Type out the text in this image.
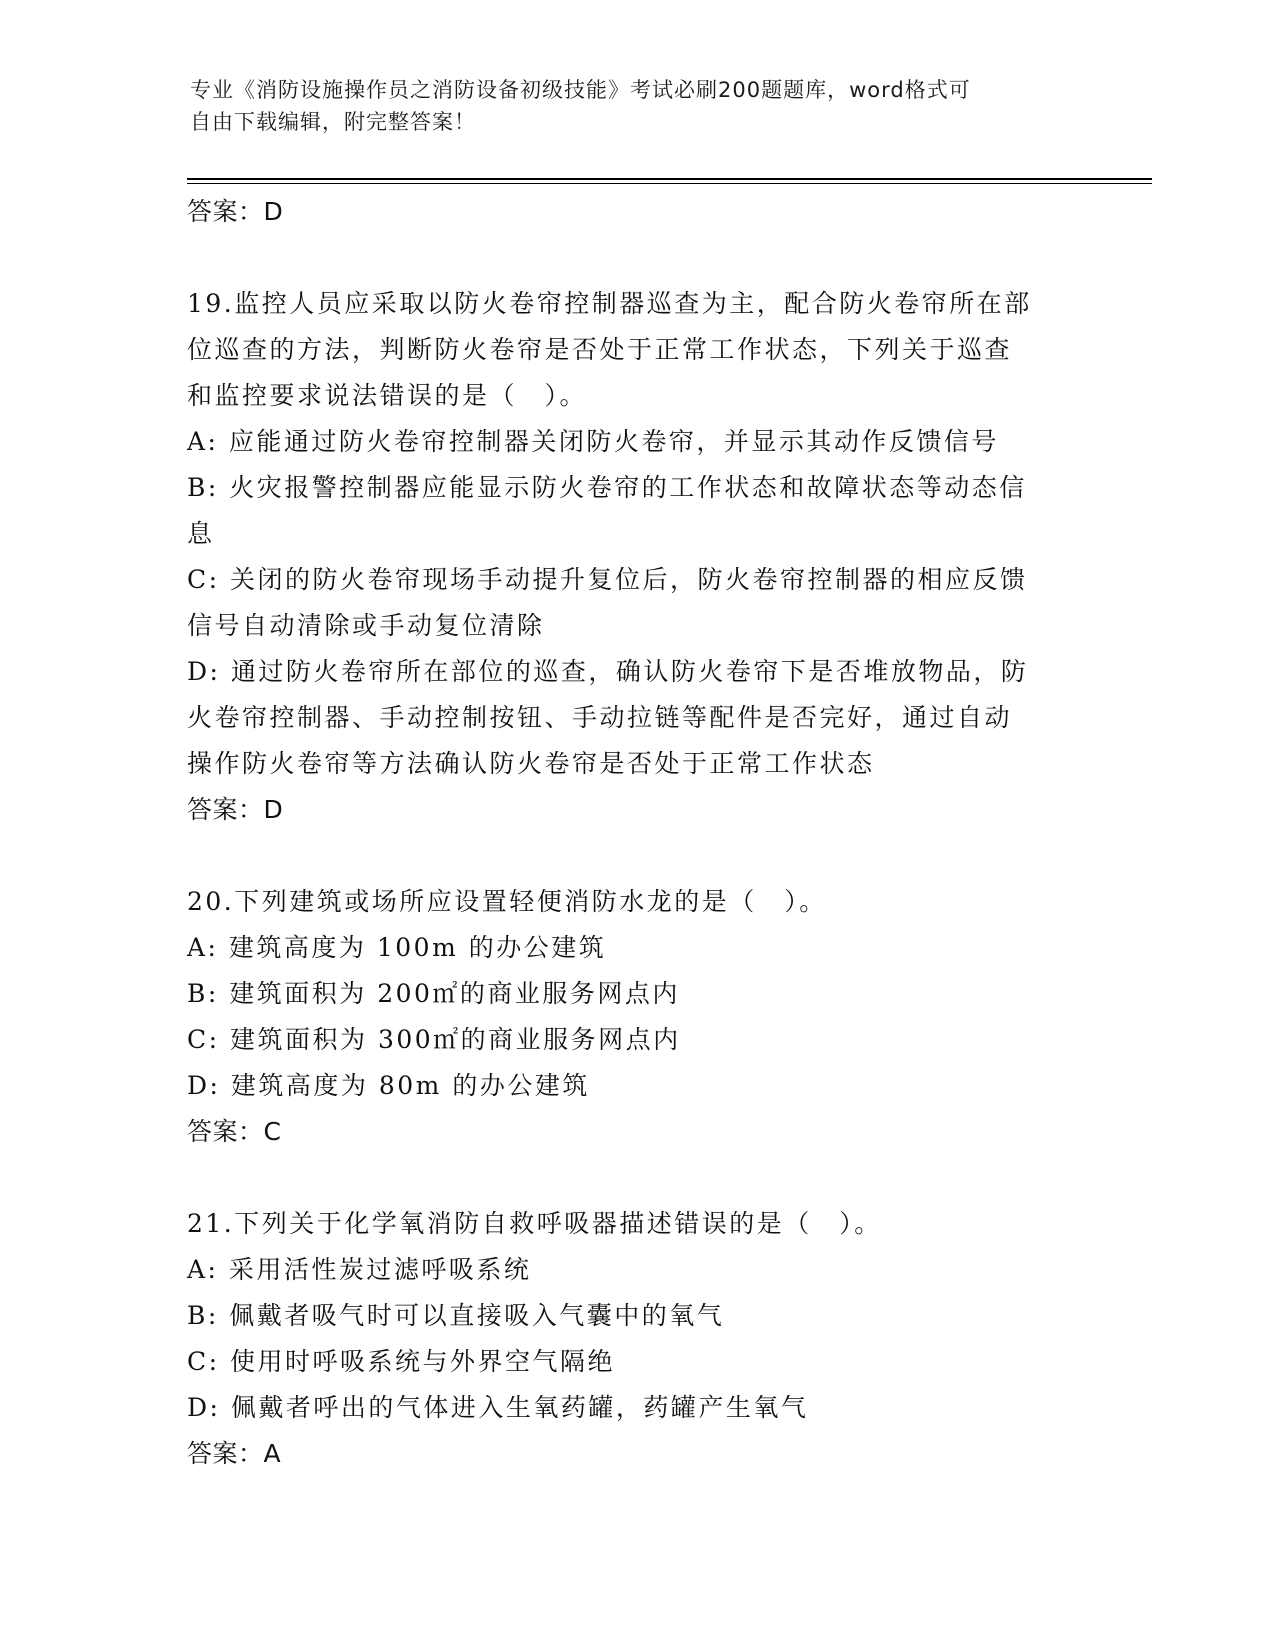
专业《消防设施操作员之消防设备初级技能》考试必刷200题题库，word格式可
自由下载编辑，附完整答案！
答案：D
19.监控人员应采取以防火卷帘控制器巡查为主，配合防火卷帘所在部
位巡查的方法，判断防火卷帘是否处于正常工作状态，下列关于巡查
和监控要求说法错误的是（　）。
A: 应能通过防火卷帘控制器关闭防火卷帘，并显示其动作反馈信号
B: 火灾报警控制器应能显示防火卷帘的工作状态和故障状态等动态信
息
C: 关闭的防火卷帘现场手动提升复位后，防火卷帘控制器的相应反馈
信号自动清除或手动复位清除
D: 通过防火卷帘所在部位的巡查，确认防火卷帘下是否堆放物品，防
火卷帘控制器、手动控制按钮、手动拉链等配件是否完好，通过自动
操作防火卷帘等方法确认防火卷帘是否处于正常工作状态
答案：D
20.下列建筑或场所应设置轻便消防水龙的是（　）。
A: 建筑高度为 100m 的办公建筑
B: 建筑面积为 200㎡的商业服务网点内
C: 建筑面积为 300㎡的商业服务网点内
D: 建筑高度为 80m 的办公建筑
答案：C
21.下列关于化学氧消防自救呼吸器描述错误的是（　）。
A: 采用活性炭过滤呼吸系统
B: 佩戴者吸气时可以直接吸入气囊中的氧气
C: 使用时呼吸系统与外界空气隔绝
D: 佩戴者呼出的气体进入生氧药罐，药罐产生氧气
答案：A
